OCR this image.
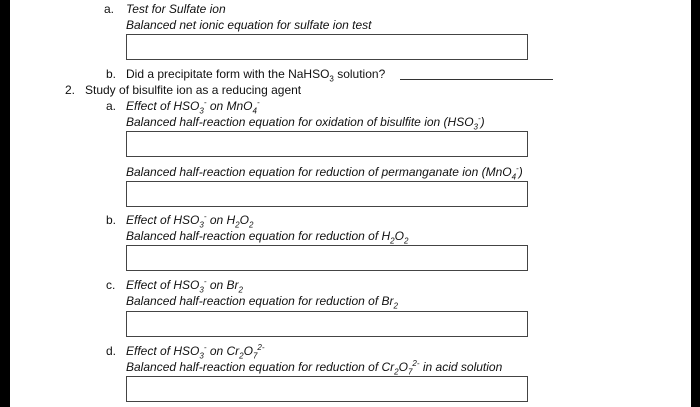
a. Test for Sulfate ion
Balanced net ionic equation for sulfate ion test
b. Did a precipitate form with the NaHSO$_3$ solution?
2. Study of bisulfite ion as a reducing agent
a. Effect of $HSO_3^-$ on MnO$_4$-
Balanced half-reaction equation for oxidation of bisulfite ion $(HSO_3^-)$
Balanced half-reaction equation for reduction of permanganate ion (MnO$_4$-)
b. Effect of $HSO_3^-$ on $H_2O_2$
Balanced half-reaction equation for reduction of $H_2O_2$
c. Effect of $HSO_3^-$ on $Br_2$
Balanced half-reaction equation for reduction of $Br_2$
d. Effect of $HSO_3^-$ on $Cr_2O_7^{2-}$
Balanced half-reaction equation for reduction of $Cr_2O_7^{2-}$ in acid solution
